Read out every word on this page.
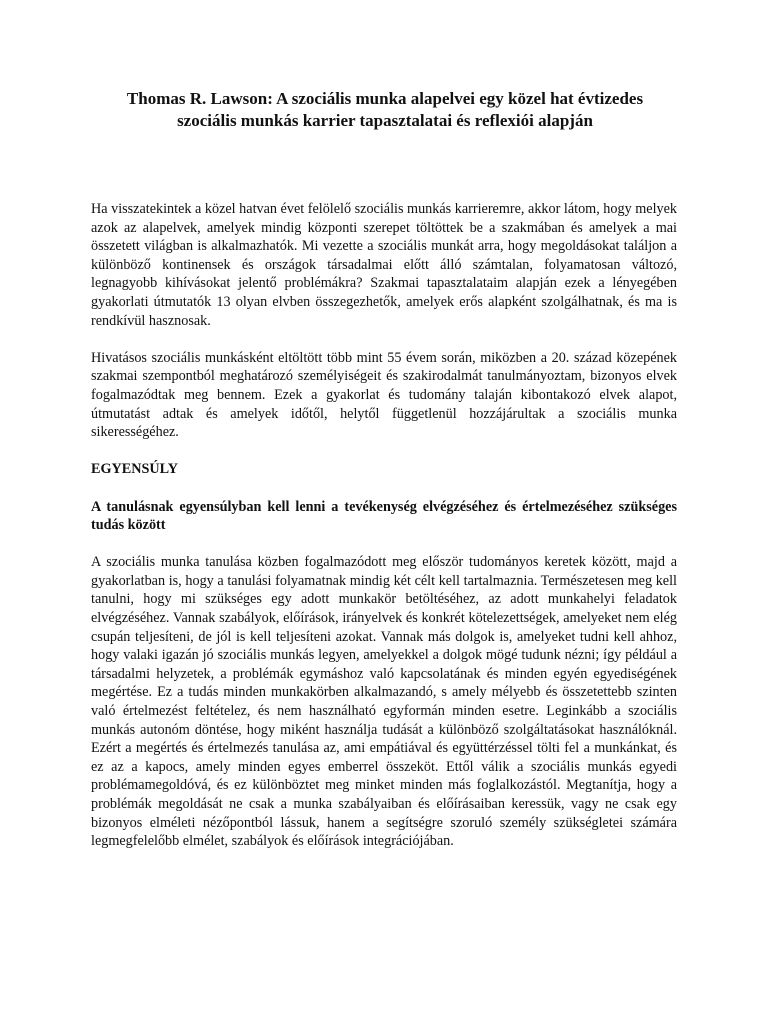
Thomas R. Lawson: A szociális munka alapelvei egy közel hat évtizedes
szociális munkás karrier tapasztalatai és reflexiói alapján

Ha visszatekintek a közel hatvan évet felölelő szociális munkás karrieremre, akkor látom, hogy melyek azok az alapelvek, amelyek mindig központi szerepet töltöttek be a szakmában és amelyek a mai összetett világban is alkalmazhatók. Mi vezette a szociális munkát arra, hogy megoldásokat találjon a különböző kontinensek és országok társadalmai előtt álló számtalan, folyamatosan változó, legnagyobb kihívásokat jelentő problémákra? Szakmai tapasztalataim alapján ezek a lényegében gyakorlati útmutatók 13 olyan elvben összegezhetők, amelyek erős alapként szolgálhatnak, és ma is rendkívül hasznosak.

Hivatásos szociális munkásként eltöltött több mint 55 évem során, miközben a 20. század közepének szakmai szempontból meghatározó személyiségeit és szakirodalmát tanulmányoztam, bizonyos elvek fogalmazódtak meg bennem. Ezek a gyakorlat és tudomány talaján kibontakozó elvek alapot, útmutatást adtak és amelyek időtől, helytől függetlenül hozzájárultak a szociális munka sikerességéhez.

EGYENSÚLY
A tanulásnak egyensúlyban kell lenni a tevékenység elvégzéséhez és értelmezéséhez szükséges tudás között

A szociális munka tanulása közben fogalmazódott meg először tudományos keretek között, majd a gyakorlatban is, hogy a tanulási folyamatnak mindig két célt kell tartalmaznia. Természetesen meg kell tanulni, hogy mi szükséges egy adott munkakör betöltéséhez, az adott munkahelyi feladatok elvégzéséhez. Vannak szabályok, előírások, irányelvek és konkrét kötelezettségek, amelyeket nem elég csupán teljesíteni, de jól is kell teljesíteni azokat. Vannak más dolgok is, amelyeket tudni kell ahhoz, hogy valaki igazán jó szociális munkás legyen, amelyekkel a dolgok mögé tudunk nézni; így például a társadalmi helyzetek, a problémák egymáshoz való kapcsolatának és minden egyén egyediségének megértése. Ez a tudás minden munkakörben alkalmazandó, s amely mélyebb és összetettebb szinten való értelmezést feltételez, és nem használható egyformán minden esetre. Leginkább a szociális munkás autonóm döntése, hogy miként használja tudását a különböző szolgáltatásokat használóknál. Ezért a megértés és értelmezés tanulása az, ami empátiával és együttérzéssel tölti fel a munkánkat, és ez az a kapocs, amely minden egyes emberrel összeköt. Ettől válik a szociális munkás egyedi problémamegoldóvá, és ez különböztet meg minket minden más foglalkozástól. Megtanítja, hogy a problémák megoldását ne csak a munka szabályaiban és előírásaiban keressük, vagy ne csak egy bizonyos elméleti nézőpontból lássuk, hanem a segítségre szoruló személy szükségletei számára legmegfelelőbb elmélet, szabályok és előírások integrációjában.
